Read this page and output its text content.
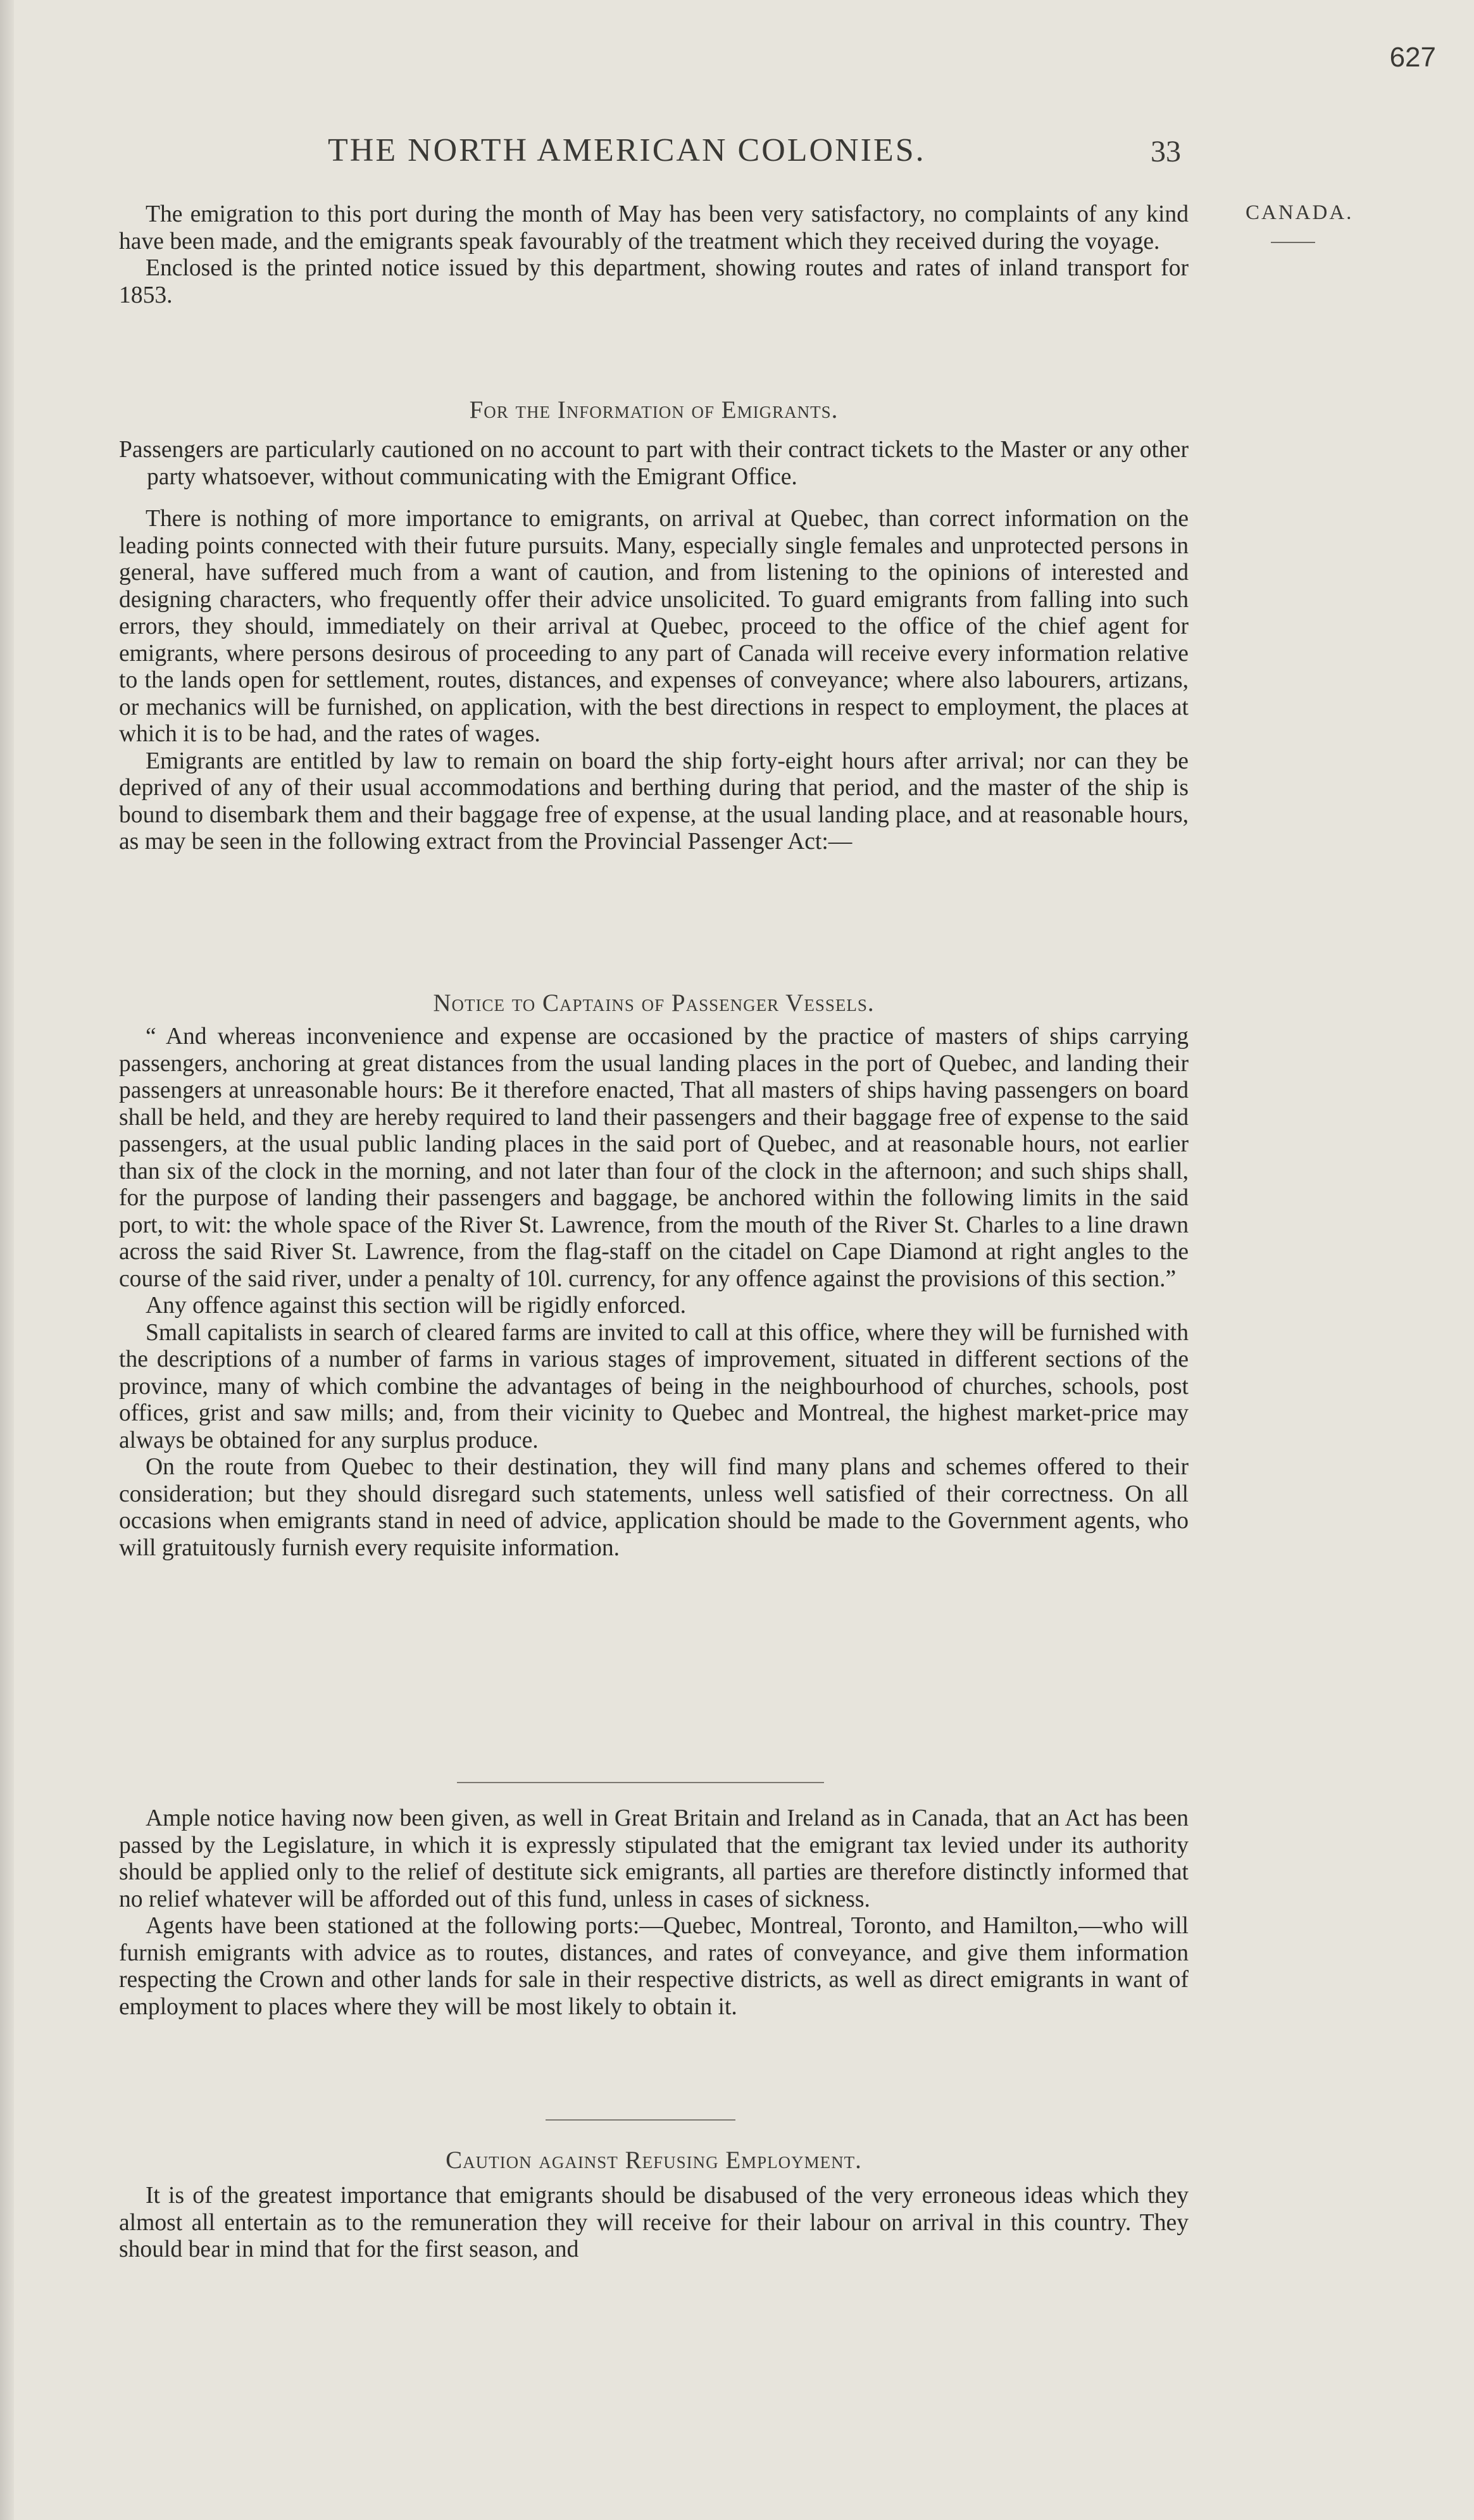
627
THE NORTH AMERICAN COLONIES.	33
CANADA.

The emigration to this port during the month of May has been very satisfactory, no complaints of any kind have been made, and the emigrants speak favourably of the treatment which they received during the voyage.

Enclosed is the printed notice issued by this department, showing routes and rates of inland transport for 1853.

For the Information of Emigrants.

Passengers are particularly cautioned on no account to part with their contract tickets to the Master or any other party whatsoever, without communicating with the Emigrant Office.

There is nothing of more importance to emigrants, on arrival at Quebec, than correct information on the leading points connected with their future pursuits. Many, especially single females and unprotected persons in general, have suffered much from a want of caution, and from listening to the opinions of interested and designing characters, who frequently offer their advice unsolicited. To guard emigrants from falling into such errors, they should, immediately on their arrival at Quebec, proceed to the office of the chief agent for emigrants, where persons desirous of proceeding to any part of Canada will receive every information relative to the lands open for settlement, routes, distances, and expenses of conveyance; where also labourers, artizans, or mechanics will be furnished, on application, with the best directions in respect to employment, the places at which it is to be had, and the rates of wages.

Emigrants are entitled by law to remain on board the ship forty-eight hours after arrival; nor can they be deprived of any of their usual accommodations and berthing during that period, and the master of the ship is bound to disembark them and their baggage free of expense, at the usual landing place, and at reasonable hours, as may be seen in the following extract from the Provincial Passenger Act:—

Notice to Captains of Passenger Vessels.

“ And whereas inconvenience and expense are occasioned by the practice of masters of ships carrying passengers, anchoring at great distances from the usual landing places in the port of Quebec, and landing their passengers at unreasonable hours: Be it therefore enacted, That all masters of ships having passengers on board shall be held, and they are hereby required to land their passengers and their baggage free of expense to the said passengers, at the usual public landing places in the said port of Quebec, and at reasonable hours, not earlier than six of the clock in the morning, and not later than four of the clock in the afternoon; and such ships shall, for the purpose of landing their passengers and baggage, be anchored within the following limits in the said port, to wit: the whole space of the River St. Lawrence, from the mouth of the River St. Charles to a line drawn across the said River St. Lawrence, from the flag-staff on the citadel on Cape Diamond at right angles to the course of the said river, under a penalty of 10l. currency, for any offence against the provisions of this section.”

Any offence against this section will be rigidly enforced.

Small capitalists in search of cleared farms are invited to call at this office, where they will be furnished with the descriptions of a number of farms in various stages of improvement, situated in different sections of the province, many of which combine the advantages of being in the neighbourhood of churches, schools, post offices, grist and saw mills; and, from their vicinity to Quebec and Montreal, the highest market-price may always be obtained for any surplus produce.

On the route from Quebec to their destination, they will find many plans and schemes offered to their consideration; but they should disregard such statements, unless well satisfied of their correctness. On all occasions when emigrants stand in need of advice, application should be made to the Government agents, who will gratuitously furnish every requisite information.

Ample notice having now been given, as well in Great Britain and Ireland as in Canada, that an Act has been passed by the Legislature, in which it is expressly stipulated that the emigrant tax levied under its authority should be applied only to the relief of destitute sick emigrants, all parties are therefore distinctly informed that no relief whatever will be afforded out of this fund, unless in cases of sickness.

Agents have been stationed at the following ports:—Quebec, Montreal, Toronto, and Hamilton,—who will furnish emigrants with advice as to routes, distances, and rates of conveyance, and give them information respecting the Crown and other lands for sale in their respective districts, as well as direct emigrants in want of employment to places where they will be most likely to obtain it.

Caution against Refusing Employment.

It is of the greatest importance that emigrants should be disabused of the very erroneous ideas which they almost all entertain as to the remuneration they will receive for their labour on arrival in this country. They should bear in mind that for the first season, and
